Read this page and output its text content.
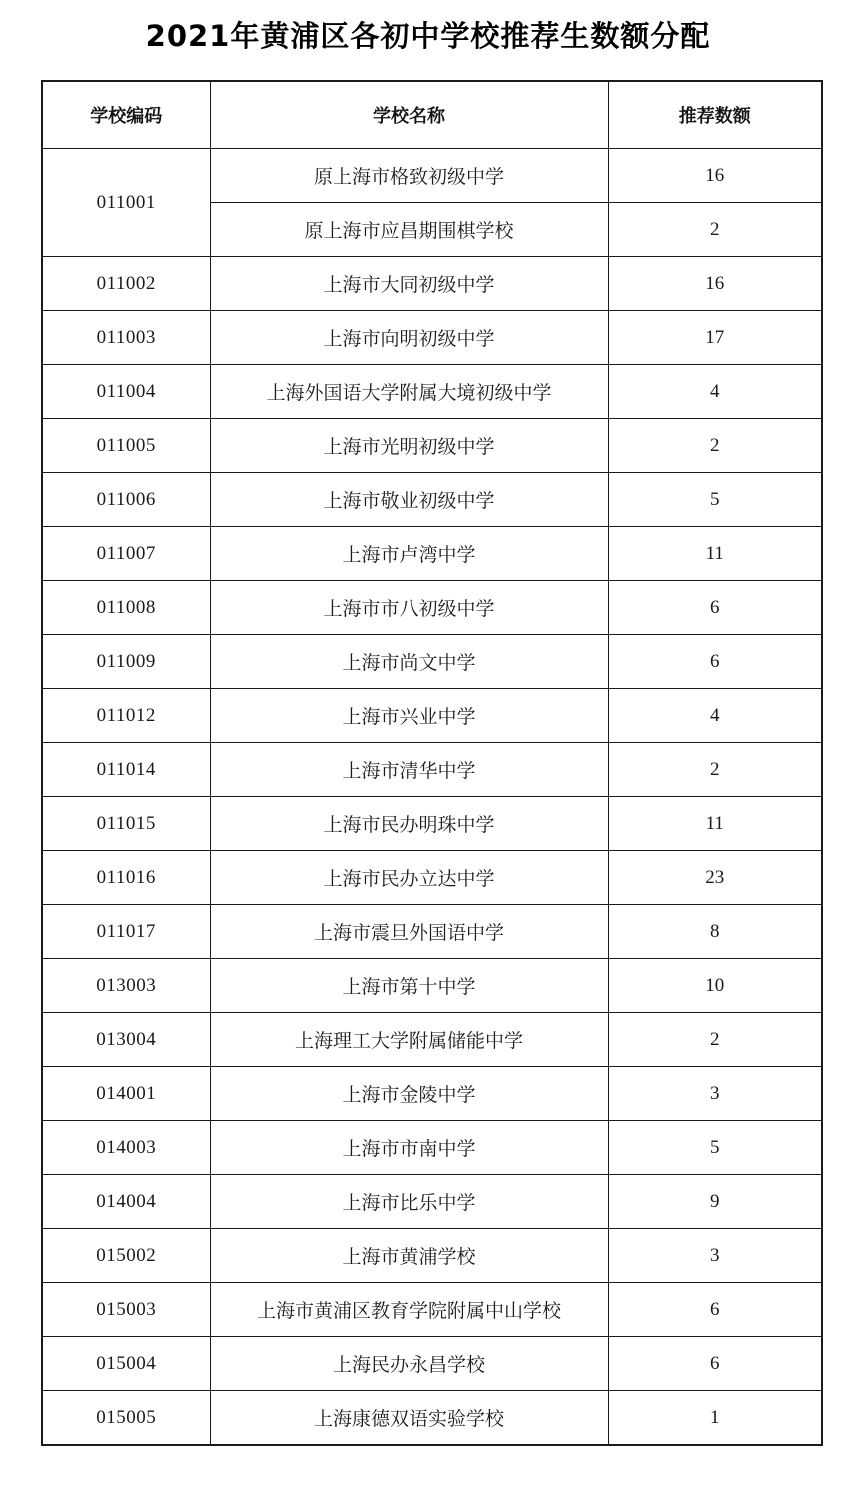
2021年黄浦区各初中学校推荐生数额分配
学校编码	学校名称	推荐数额
011001	原上海市格致初级中学	16
	原上海市应昌期围棋学校	2
011002	上海市大同初级中学	16
011003	上海市向明初级中学	17
011004	上海外国语大学附属大境初级中学	4
011005	上海市光明初级中学	2
011006	上海市敬业初级中学	5
011007	上海市卢湾中学	11
011008	上海市市八初级中学	6
011009	上海市尚文中学	6
011012	上海市兴业中学	4
011014	上海市清华中学	2
011015	上海市民办明珠中学	11
011016	上海市民办立达中学	23
011017	上海市震旦外国语中学	8
013003	上海市第十中学	10
013004	上海理工大学附属储能中学	2
014001	上海市金陵中学	3
014003	上海市市南中学	5
014004	上海市比乐中学	9
015002	上海市黄浦学校	3
015003	上海市黄浦区教育学院附属中山学校	6
015004	上海民办永昌学校	6
015005	上海康德双语实验学校	1
